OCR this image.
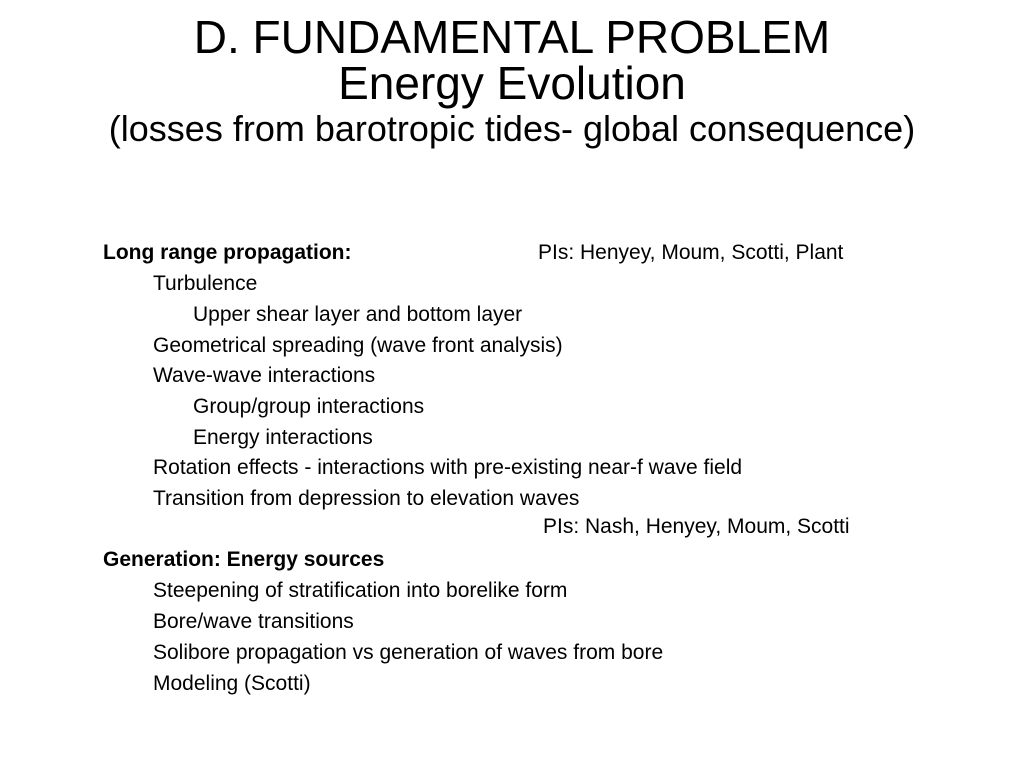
D. FUNDAMENTAL PROBLEM
Energy Evolution
(losses from barotropic tides- global consequence)
Long range propagation:	PIs: Henyey, Moum, Scotti, Plant
Turbulence
Upper shear layer and bottom layer
Geometrical spreading (wave front analysis)
Wave-wave interactions
Group/group interactions
Energy interactions
Rotation effects - interactions with pre-existing near-f wave field
Transition from depression to elevation waves
PIs: Nash, Henyey, Moum, Scotti
Generation: Energy sources
Steepening of stratification into borelike form
Bore/wave transitions
Solibore propagation vs generation of waves from bore
Modeling (Scotti)
